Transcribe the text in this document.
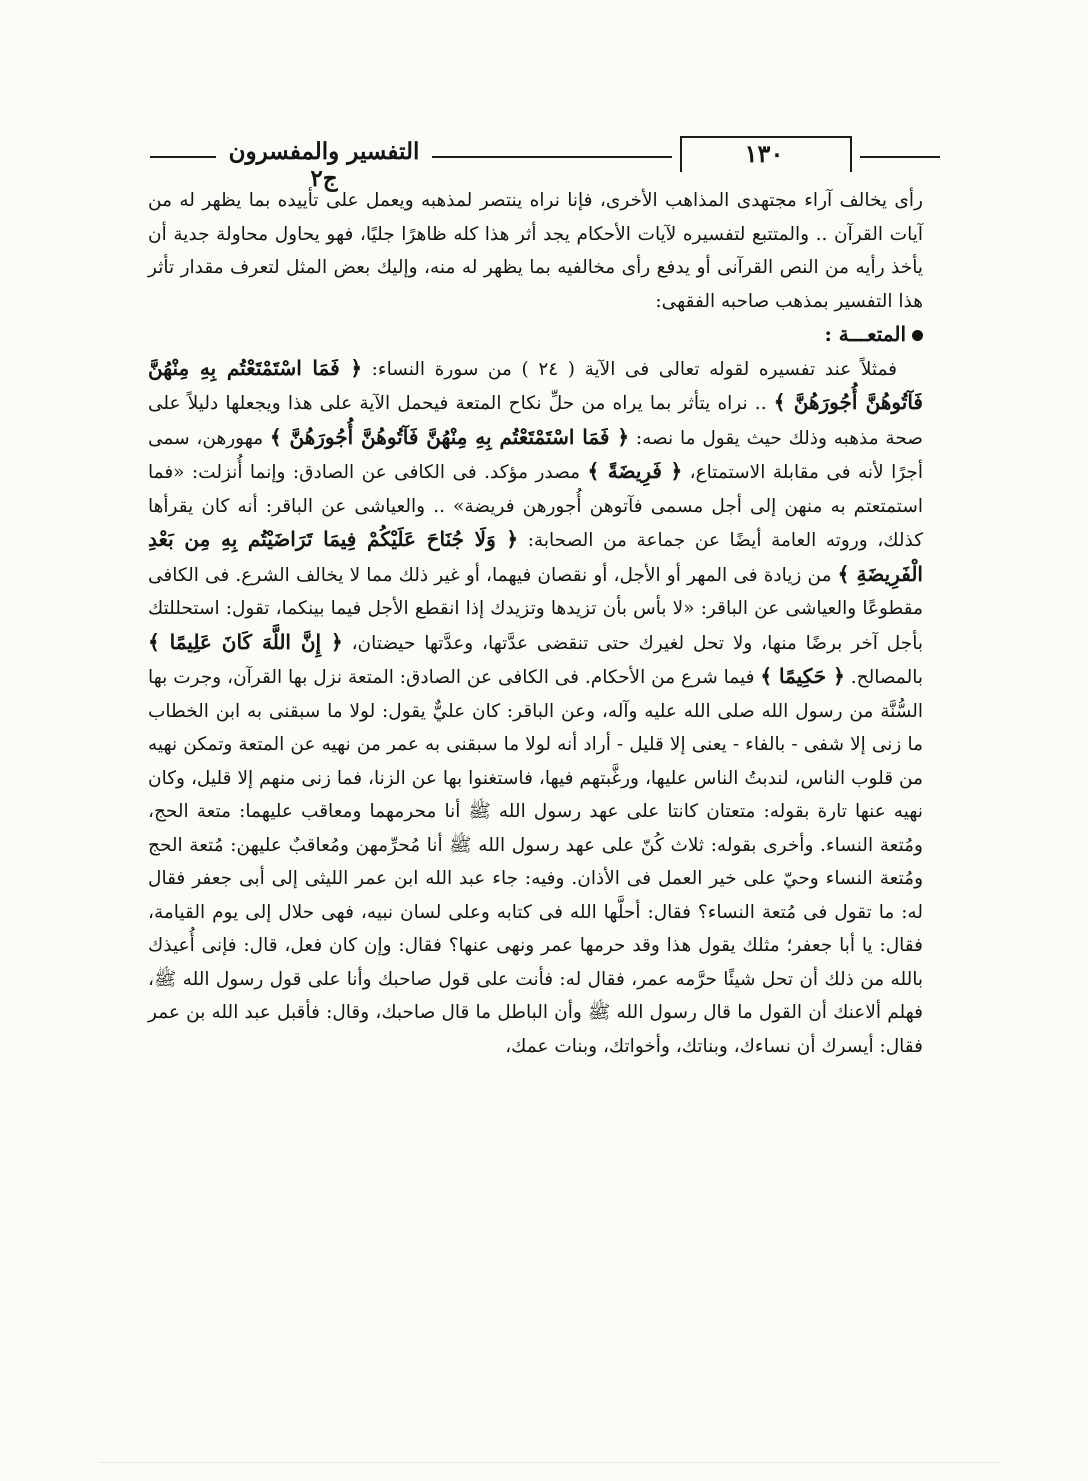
التفسير والمفسرون ج٢
١٣٠

رأى يخالف آراء مجتهدى المذاهب الأخرى، فإنا نراه ينتصر لمذهبه ويعمل على تأييده بما يظهر له من آيات القرآن .. والمتتبع لتفسيره لآيات الأحكام يجد أثر هذا كله ظاهرًا جليًا، فهو يحاول محاولة جدية أن يأخذ رأيه من النص القرآنى أو يدفع رأى مخالفيه بما يظهر له منه، وإليك بعض المثل لتعرف مقدار تأثر هذا التفسير بمذهب صاحبه الفقهى:

المتعـــة :

فمثلاً عند تفسيره لقوله تعالى فى الآية ( ٢٤ ) من سورة النساء: ﴿ فَمَا اسْتَمْتَعْتُم بِهِ مِنْهُنَّ فَآتُوهُنَّ أُجُورَهُنَّ ﴾ .. نراه يتأثر بما يراه من حلِّ نكاح المتعة فيحمل الآية على هذا ويجعلها دليلاً على صحة مذهبه وذلك حيث يقول ما نصه: ﴿ فَمَا اسْتَمْتَعْتُم بِهِ مِنْهُنَّ فَآتُوهُنَّ أُجُورَهُنَّ ﴾ مهورهن، سمى أجرًا لأنه فى مقابلة الاستمتاع، ﴿ فَرِيضَةً ﴾ مصدر مؤكد. فى الكافى عن الصادق: وإنما أُنزلت: «فما استمتعتم به منهن إلى أجل مسمى فآتوهن أُجورهن فريضة» .. والعياشى عن الباقر: أنه كان يقرأها كذلك، وروته العامة أيضًا عن جماعة من الصحابة: ﴿ وَلَا جُنَاحَ عَلَيْكُمْ فِيمَا تَرَاضَيْتُم بِهِ مِن بَعْدِ الْفَرِيضَةِ ﴾ من زيادة فى المهر أو الأجل، أو نقصان فيهما، أو غير ذلك مما لا يخالف الشرع. فى الكافى مقطوعًا والعياشى عن الباقر: «لا بأس بأن تزيدها وتزيدك إذا انقطع الأجل فيما بينكما، تقول: استحللتك بأجل آخر برضًا منها، ولا تحل لغيرك حتى تنقضى عدَّتها، وعدَّتها حيضتان، ﴿ إِنَّ اللَّهَ كَانَ عَلِيمًا ﴾ بالمصالح. ﴿ حَكِيمًا ﴾ فيما شرع من الأحكام. فى الكافى عن الصادق: المتعة نزل بها القرآن، وجرت بها السُّنَّة من رسول الله صلى الله عليه وآله، وعن الباقر: كان عليٌّ يقول: لولا ما سبقنى به ابن الخطاب ما زنى إلا شفى - بالفاء - يعنى إلا قليل - أراد أنه لولا ما سبقنى به عمر من نهيه عن المتعة وتمكن نهيه من قلوب الناس، لندبتُ الناس عليها، ورغَّبتهم فيها، فاستغنوا بها عن الزنا، فما زنى منهم إلا قليل، وكان نهيه عنها تارة بقوله: متعتان كانتا على عهد رسول الله ﷺ أنا محرمهما ومعاقب عليهما: متعة الحج، ومُتعة النساء. وأخرى بقوله: ثلاث كُنّ على عهد رسول الله ﷺ أنا مُحرِّمهن ومُعاقبٌ عليهن: مُتعة الحج ومُتعة النساء وحيّ على خير العمل فى الأذان. وفيه: جاء عبد الله ابن عمر الليثى إلى أبى جعفر فقال له: ما تقول فى مُتعة النساء؟ فقال: أحلَّها الله فى كتابه وعلى لسان نبيه، فهى حلال إلى يوم القيامة، فقال: يا أبا جعفر؛ مثلك يقول هذا وقد حرمها عمر ونهى عنها؟ فقال: وإن كان فعل، قال: فإنى أُعيذك بالله من ذلك أن تحل شيئًا حرَّمه عمر، فقال له: فأنت على قول صاحبك وأنا على قول رسول الله ﷺ، فهلم ألاعنك أن القول ما قال رسول الله ﷺ وأن الباطل ما قال صاحبك، وقال: فأقبل عبد الله بن عمر فقال: أيسرك أن نساءك، وبناتك، وأخواتك، وبنات عمك،
